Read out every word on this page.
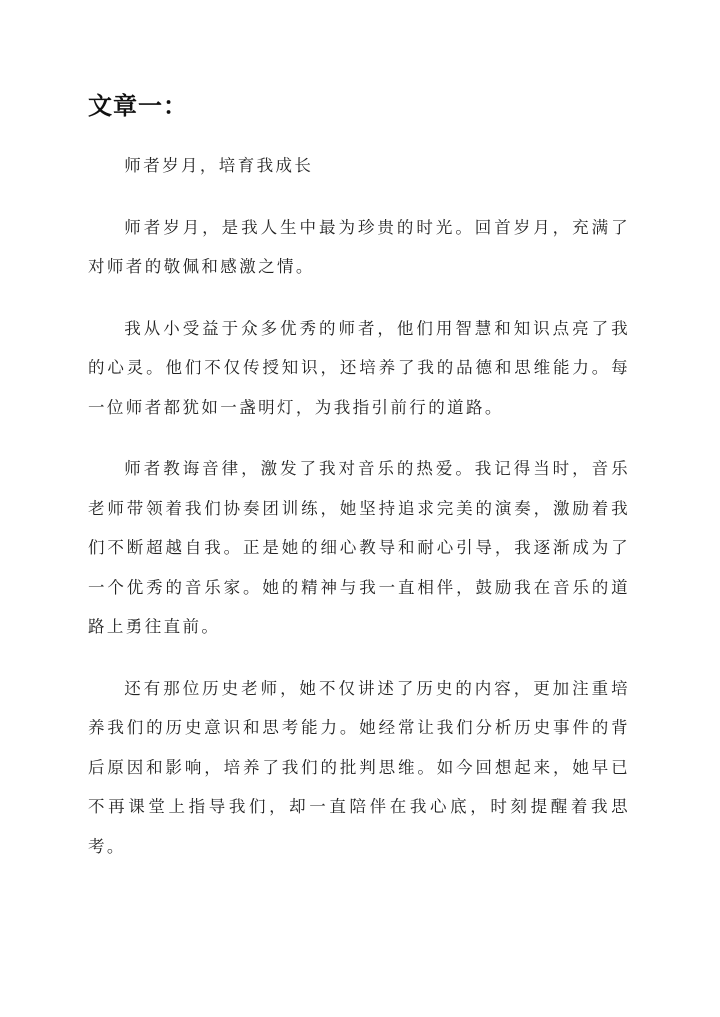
文章一：

师者岁月，培育我成长

师者岁月，是我人生中最为珍贵的时光。回首岁月，充满了对师者的敬佩和感激之情。

我从小受益于众多优秀的师者，他们用智慧和知识点亮了我的心灵。他们不仅传授知识，还培养了我的品德和思维能力。每一位师者都犹如一盏明灯，为我指引前行的道路。

师者教诲音律，激发了我对音乐的热爱。我记得当时，音乐老师带领着我们协奏团训练，她坚持追求完美的演奏，激励着我们不断超越自我。正是她的细心教导和耐心引导，我逐渐成为了一个优秀的音乐家。她的精神与我一直相伴，鼓励我在音乐的道路上勇往直前。

还有那位历史老师，她不仅讲述了历史的内容，更加注重培养我们的历史意识和思考能力。她经常让我们分析历史事件的背后原因和影响，培养了我们的批判思维。如今回想起来，她早已不再课堂上指导我们，却一直陪伴在我心底，时刻提醒着我思考。
